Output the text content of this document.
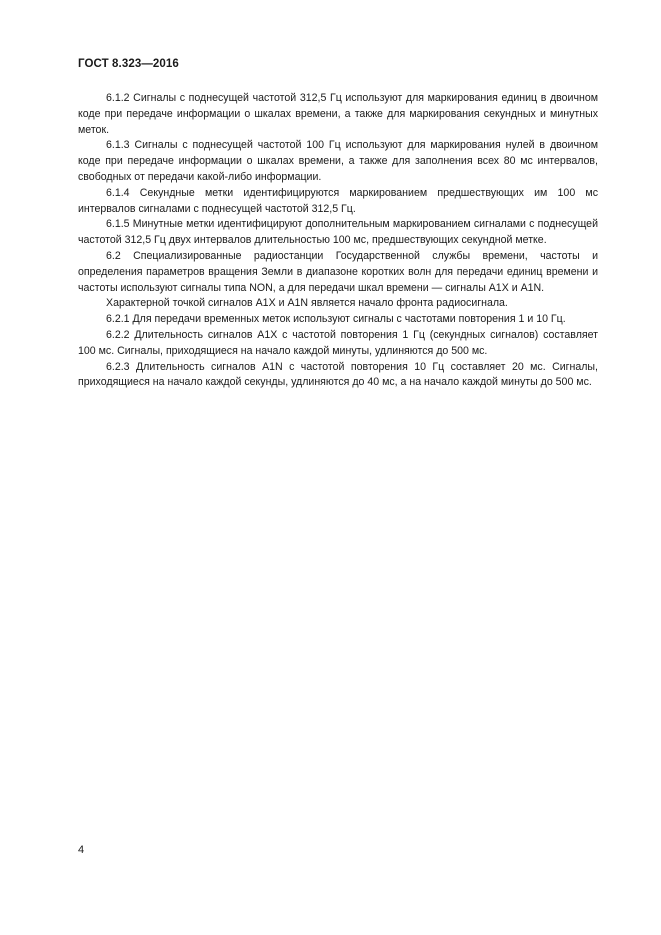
ГОСТ 8.323—2016

6.1.2 Сигналы с поднесущей частотой 312,5 Гц используют для маркирования единиц в двоичном коде при передаче информации о шкалах времени, а также для маркирования секундных и минутных меток.

6.1.3 Сигналы с поднесущей частотой 100 Гц используют для маркирования нулей в двоичном коде при передаче информации о шкалах времени, а также для заполнения всех 80 мс интервалов, свободных от передачи какой-либо информации.

6.1.4 Секундные метки идентифицируются маркированием предшествующих им 100 мс интервалов сигналами с поднесущей частотой 312,5 Гц.

6.1.5 Минутные метки идентифицируют дополнительным маркированием сигналами с поднесущей частотой 312,5 Гц двух интервалов длительностью 100 мс, предшествующих секундной метке.

6.2 Специализированные радиостанции Государственной службы времени, частоты и определения параметров вращения Земли в диапазоне коротких волн для передачи единиц времени и частоты используют сигналы типа NON, а для передачи шкал времени — сигналы А1Х и А1N.

Характерной точкой сигналов А1Х и А1N является начало фронта радиосигнала.

6.2.1 Для передачи временных меток используют сигналы с частотами повторения 1 и 10 Гц.

6.2.2 Длительность сигналов А1Х с частотой повторения 1 Гц (секундных сигналов) составляет 100 мс. Сигналы, приходящиеся на начало каждой минуты, удлиняются до 500 мс.

6.2.3 Длительность сигналов А1N с частотой повторения 10 Гц составляет 20 мс. Сигналы, приходящиеся на начало каждой секунды, удлиняются до 40 мс, а на начало каждой минуты до 500 мс.

4
